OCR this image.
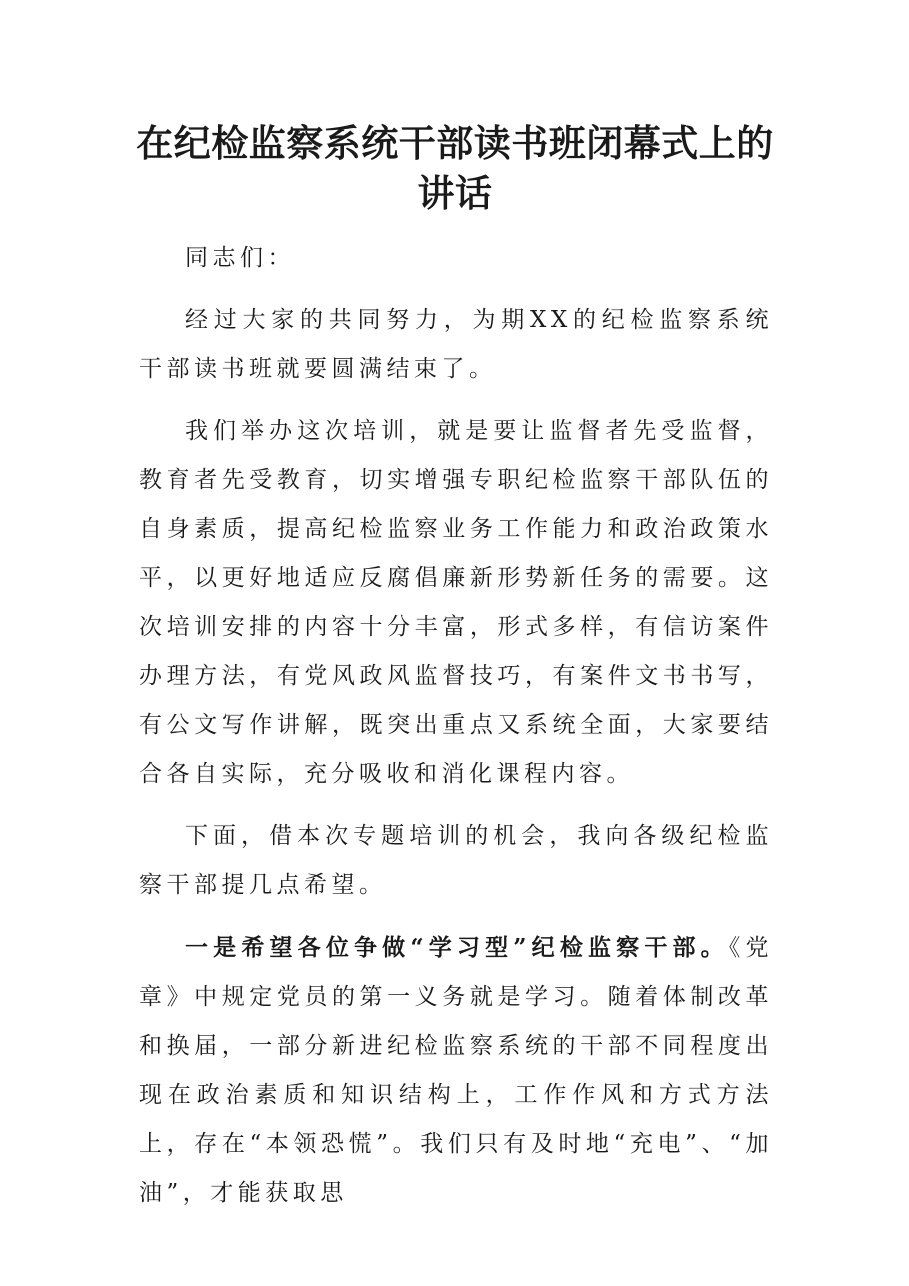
在纪检监察系统干部读书班闭幕式上的讲话

同志们：

经过大家的共同努力，为期XX的纪检监察系统干部读书班就要圆满结束了。

我们举办这次培训，就是要让监督者先受监督，教育者先受教育，切实增强专职纪检监察干部队伍的自身素质，提高纪检监察业务工作能力和政治政策水平，以更好地适应反腐倡廉新形势新任务的需要。这次培训安排的内容十分丰富，形式多样，有信访案件办理方法，有党风政风监督技巧，有案件文书书写，有公文写作讲解，既突出重点又系统全面，大家要结合各自实际，充分吸收和消化课程内容。

下面，借本次专题培训的机会，我向各级纪检监察干部提几点希望。

一是希望各位争做“学习型”纪检监察干部。《党章》中规定党员的第一义务就是学习。随着体制改革和换届，一部分新进纪检监察系统的干部不同程度出现在政治素质和知识结构上，工作作风和方式方法上，存在“本领恐慌”。我们只有及时地“充电”、“加油”，才能获取思
